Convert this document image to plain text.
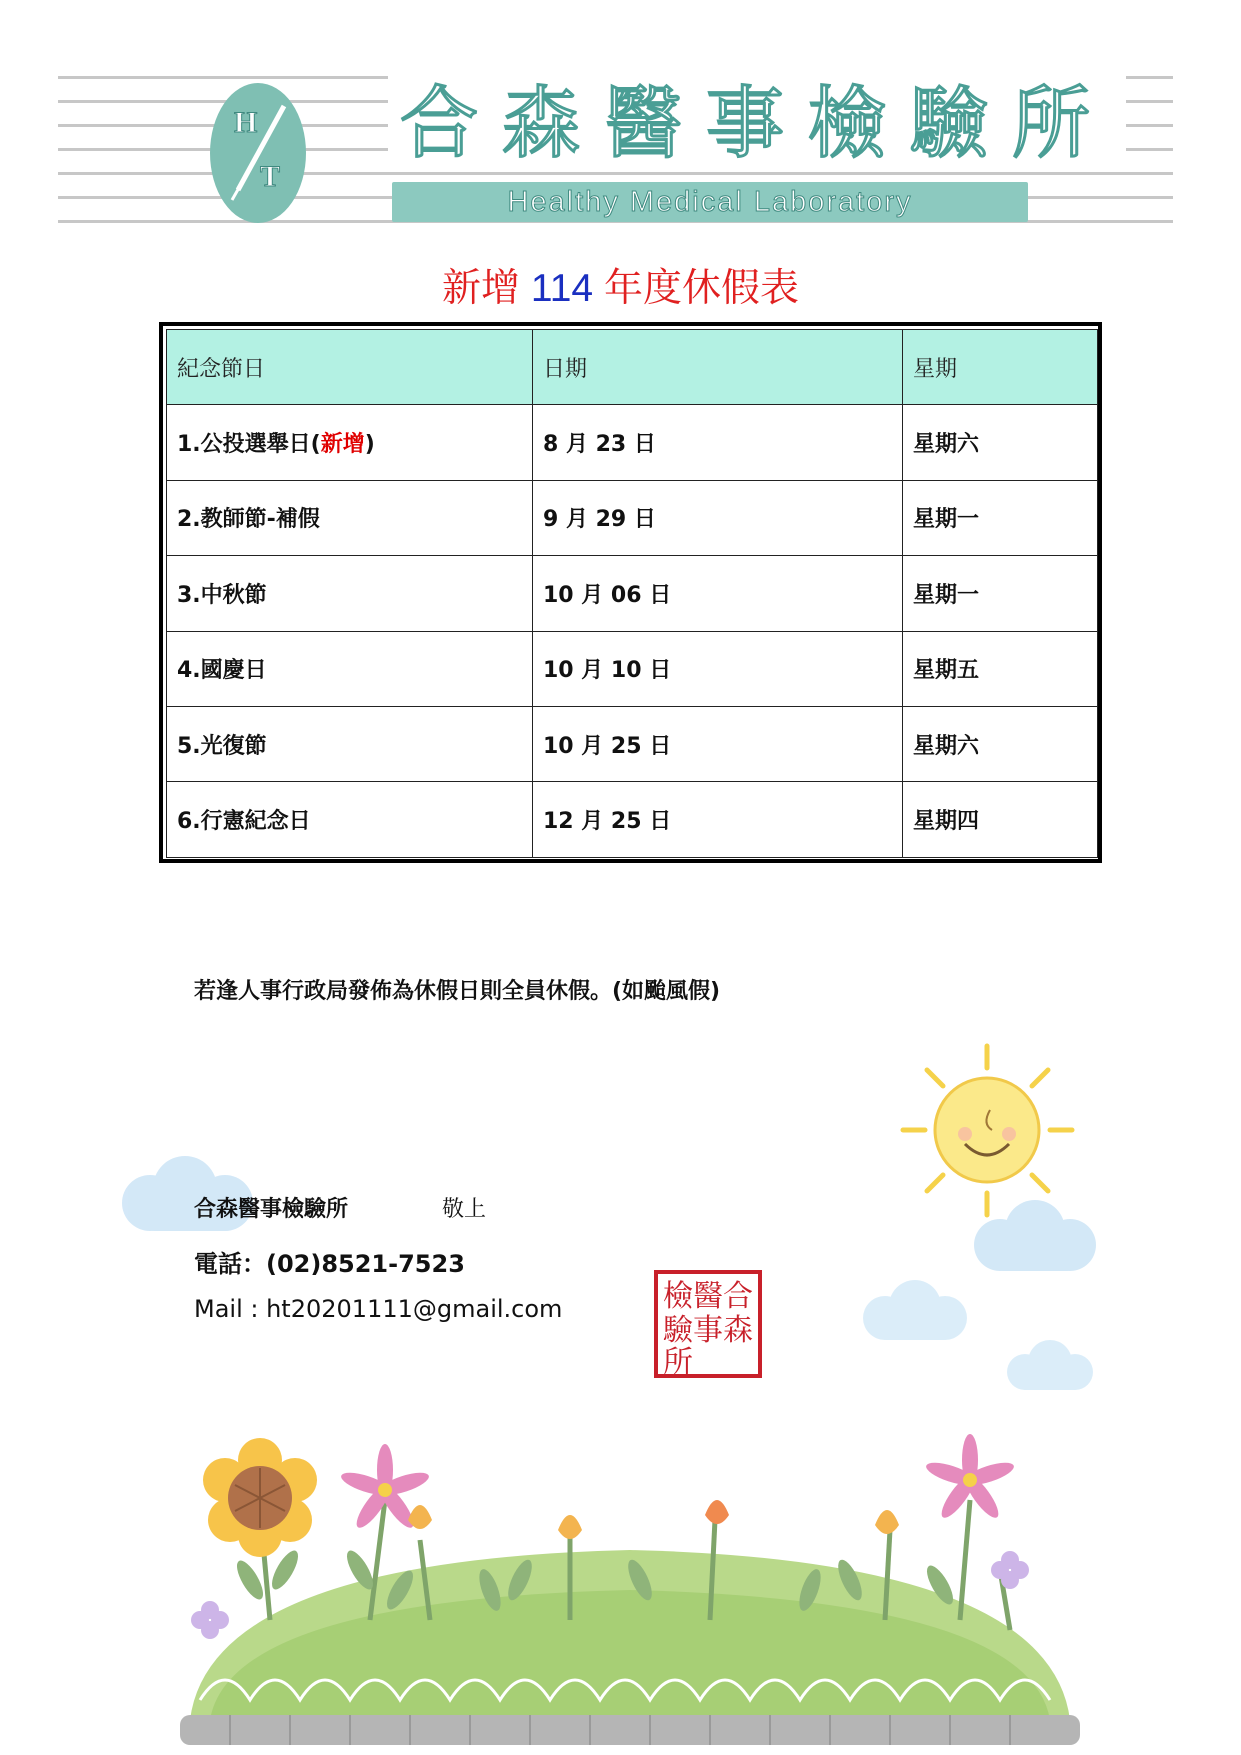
H
T
合森醫事檢驗所
Healthy Medical Laboratory
新增 114 年度休假表
紀念節日	日期	星期
1.公投選舉日(新增)	8 月 23 日	星期六
2.教師節-補假	9 月 29 日	星期一
3.中秋節	10 月 06 日	星期一
4.國慶日	10 月 10 日	星期五
5.光復節	10 月 25 日	星期六
6.行憲紀念日	12 月 25 日	星期四
若逢人事行政局發佈為休假日則全員休假。(如颱風假)
合森醫事檢驗所	敬上
電話：(02)8521-7523
Mail : ht20201111@gmail.com	合
森
醫
事
檢
驗
所
